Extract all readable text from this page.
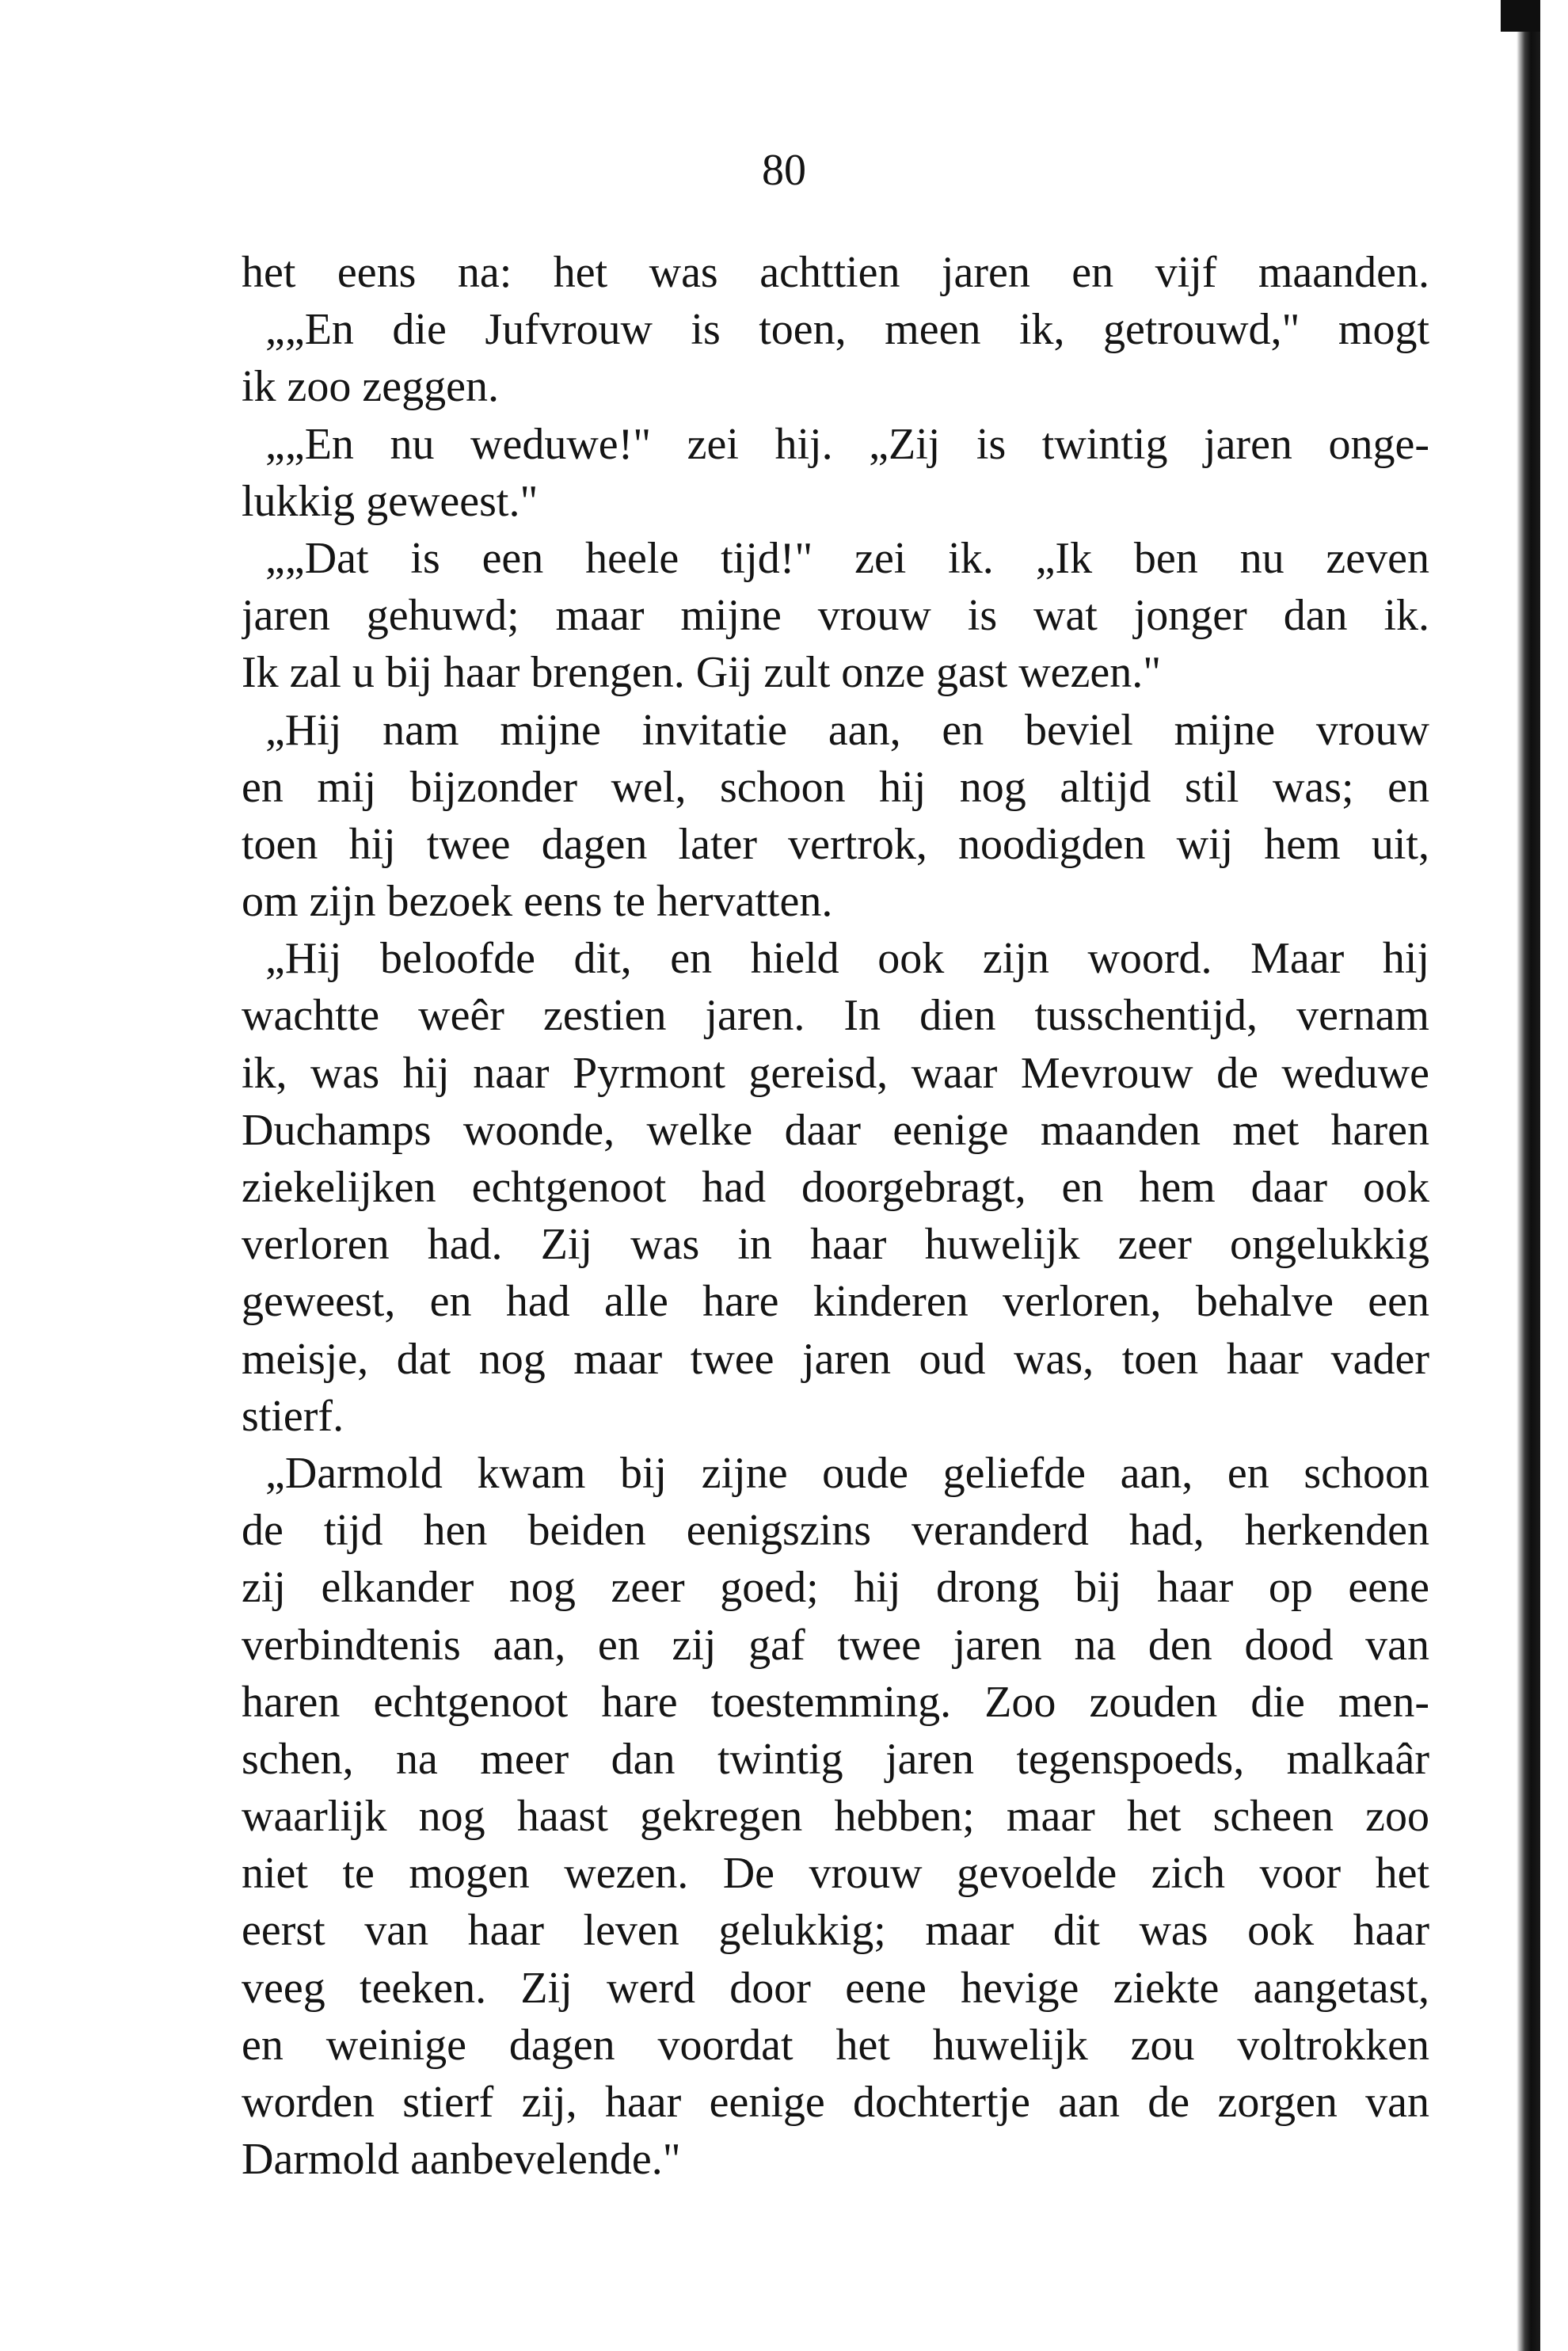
80
het eens na: het was achttien jaren en vijf maanden.
„„En die Jufvrouw is toen, meen ik, getrouwd," mogt
ik zoo zeggen.
„„En nu weduwe!" zei hij. „Zij is twintig jaren onge-
lukkig geweest."
„„Dat is een heele tijd!" zei ik. „Ik ben nu zeven
jaren gehuwd; maar mijne vrouw is wat jonger dan ik.
Ik zal u bij haar brengen. Gij zult onze gast wezen."
„Hij nam mijne invitatie aan, en beviel mijne vrouw
en mij bijzonder wel, schoon hij nog altijd stil was; en
toen hij twee dagen later vertrok, noodigden wij hem uit,
om zijn bezoek eens te hervatten.
„Hij beloofde dit, en hield ook zijn woord. Maar hij
wachtte weêr zestien jaren. In dien tusschentijd, vernam
ik, was hij naar Pyrmont gereisd, waar Mevrouw de weduwe
Duchamps woonde, welke daar eenige maanden met haren
ziekelijken echtgenoot had doorgebragt, en hem daar ook
verloren had. Zij was in haar huwelijk zeer ongelukkig
geweest, en had alle hare kinderen verloren, behalve een
meisje, dat nog maar twee jaren oud was, toen haar vader
stierf.
„Darmold kwam bij zijne oude geliefde aan, en schoon
de tijd hen beiden eenigszins veranderd had, herkenden
zij elkander nog zeer goed; hij drong bij haar op eene
verbindtenis aan, en zij gaf twee jaren na den dood van
haren echtgenoot hare toestemming. Zoo zouden die men-
schen, na meer dan twintig jaren tegenspoeds, malkaâr
waarlijk nog haast gekregen hebben; maar het scheen zoo
niet te mogen wezen. De vrouw gevoelde zich voor het
eerst van haar leven gelukkig; maar dit was ook haar
veeg teeken. Zij werd door eene hevige ziekte aangetast,
en weinige dagen voordat het huwelijk zou voltrokken
worden stierf zij, haar eenige dochtertje aan de zorgen van
Darmold aanbevelende."
